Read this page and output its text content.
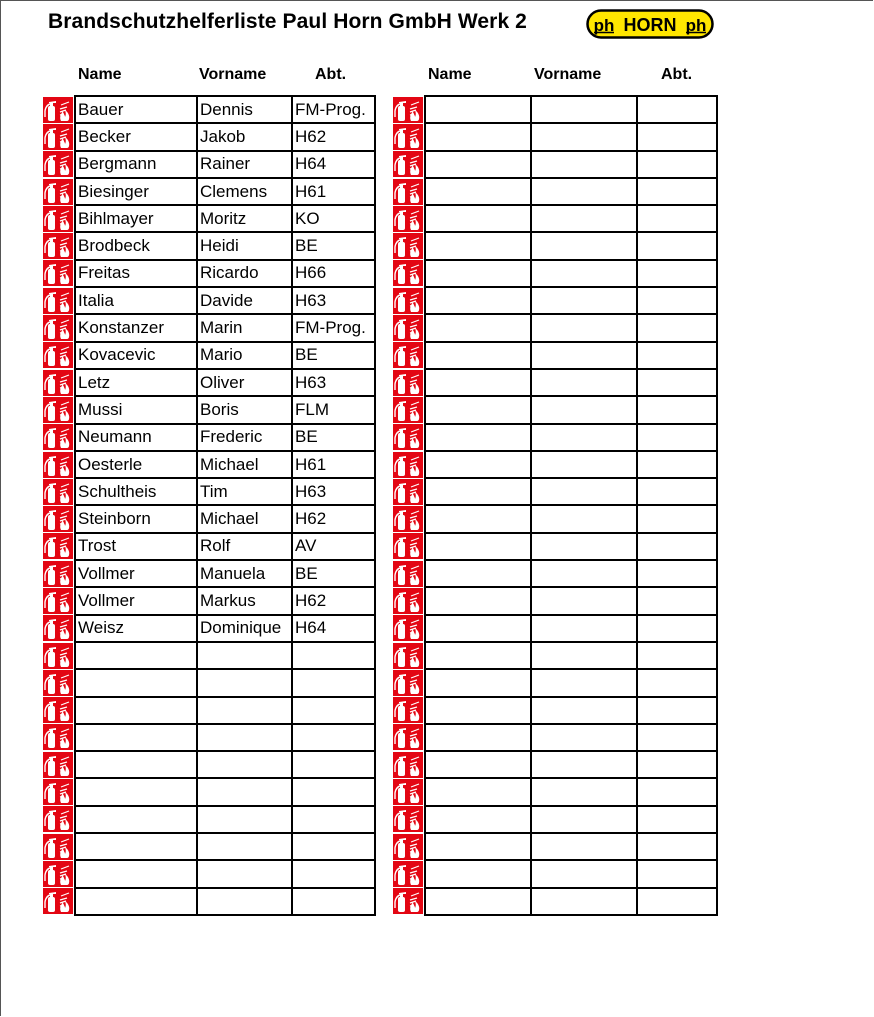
Brandschutzhelferliste Paul Horn GmbH Werk 2	ph HORN ph
Name	Vorname	Abt.	Name	Vorname	Abt.
	Bauer	Dennis	FM-Prog.

	Becker	Jakob	H62

	Bergmann	Rainer	H64

	Biesinger	Clemens	H61

	Bihlmayer	Moritz	KO

	Brodbeck	Heidi	BE

	Freitas	Ricardo	H66

	Italia	Davide	H63

	Konstanzer	Marin	FM-Prog.

	Kovacevic	Mario	BE

	Letz	Oliver	H63

	Mussi	Boris	FLM

	Neumann	Frederic	BE

	Oesterle	Michael	H61

	Schultheis	Tim	H63

	Steinborn	Michael	H62

	Trost	Rolf	AV

	Vollmer	Manuela	BE

	Vollmer	Markus	H62

	Weisz	Dominique	H64
